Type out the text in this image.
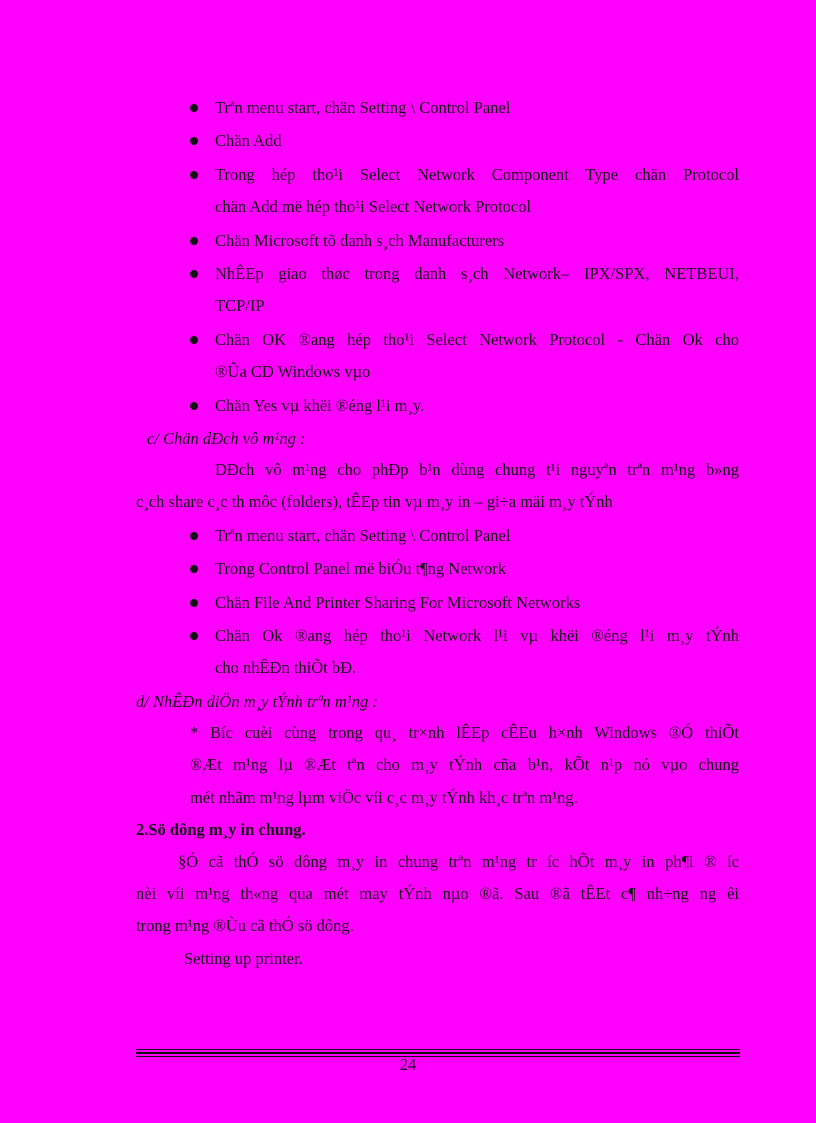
Trªn menu start, chän Setting \ Control Panel
Chän Add
Trong hép tho¹i Select Network Component Type chän Protocol
chän Add më hép tho¹i Select Network Protocol
Chän Microsoft tõ danh s¸ch Manufacturers
NhÊEp giao thøc trong danh s¸ch Network– IPX/SPX, NETBEUI,
TCP/IP
Chän OK ®ang hép tho¹i Select Network Protocol - Chän Ok cho
®Ûa CD Windows vµo
Chän Yes vµ khëi ®éng l¹i m¸y.
c/ Chän dÐch vô m¹ng :
DÐch vô m¹ng cho phÐp b¹n dùng chung t¹i nguyªn trªn m¹ng b»ng
c¸ch share c¸c th môc (folders), tÊEp tin vµ m¸y in – gi÷a mäi m¸y tÝnh
Trªn menu start, chän Setting \ Control Panel
Trong Control Panel më biÓu t¶ng Network
Chän File And Printer Sharing For Microsoft Networks
Chän Ok ®ang hép tho¹i Network l¹i vµ khëi ®éng l¹i m¸y tÝnh
cho nhÊÐn thiÕt bÐ.
d/ NhÊÐn diÖn m¸y tÝnh trªn m¹ng :
* Bíc cuèi cùng trong qu¸ tr×nh lÊEp cÊEu h×nh Windows ®Ó thiÕt
®Æt m¹ng lµ ®Æt tªn cho m¸y tÝnh cña b¹n, kÕt n¹p nó vµo chung
mét nhãm m¹ng lµm viÖc víi c¸c m¸y tÝnh kh¸c trªn m¹ng.
2.Sö dông m¸y in chung.
§Ó cã thÓ sö dông m¸y in chung trªn m¹ng tr íc hÕt m¸y in ph¶i ® íc
nèi víi m¹ng th«ng qua mét may tÝnh nµo ®ã. Sau ®ã tÊEt c¶ nh÷ng ng êi
trong m¹ng ®Ùu cã thÓ sö dông.
Setting up printer.
24
